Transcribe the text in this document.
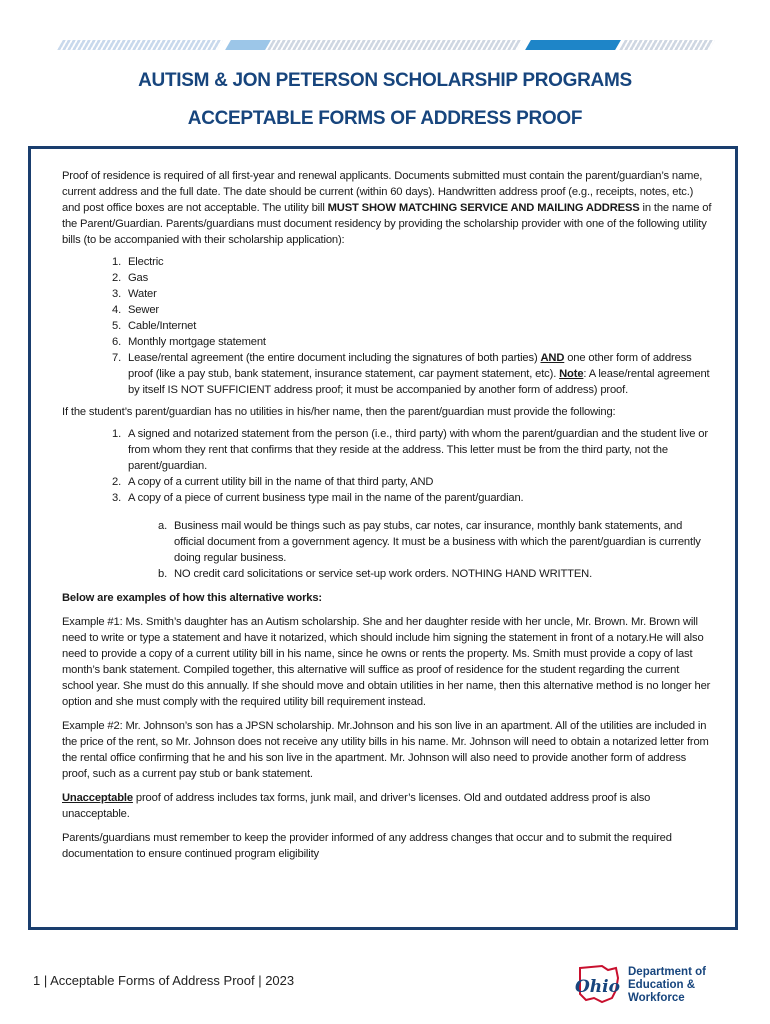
AUTISM & JON PETERSON SCHOLARSHIP PROGRAMS
ACCEPTABLE FORMS OF ADDRESS PROOF

Proof of residence is required of all first-year and renewal applicants. Documents submitted must contain the parent/guardian’s name, current address and the full date. The date should be current (within 60 days). Handwritten address proof (e.g., receipts, notes, etc.) and post office boxes are not acceptable. The utility bill MUST SHOW MATCHING SERVICE AND MAILING ADDRESS in the name of the Parent/Guardian. Parents/guardians must document residency by providing the scholarship provider with one of the following utility bills (to be accompanied with their scholarship application):

1. Electric
2. Gas
3. Water
4. Sewer
5. Cable/Internet
6. Monthly mortgage statement
7. Lease/rental agreement (the entire document including the signatures of both parties) AND one other form of address proof (like a pay stub, bank statement, insurance statement, car payment statement, etc). Note: A lease/rental agreement by itself IS NOT SUFFICIENT address proof; it must be accompanied by another form of address) proof.

If the student’s parent/guardian has no utilities in his/her name, then the parent/guardian must provide the following:

1. A signed and notarized statement from the person (i.e., third party) with whom the parent/guardian and the student live or from whom they rent that confirms that they reside at the address. This letter must be from the third party, not the parent/guardian.
2. A copy of a current utility bill in the name of that third party, AND
3. A copy of a piece of current business type mail in the name of the parent/guardian.
a. Business mail would be things such as pay stubs, car notes, car insurance, monthly bank statements, and official document from a government agency. It must be a business with which the parent/guardian is currently doing regular business.
b. NO credit card solicitations or service set-up work orders. NOTHING HAND WRITTEN.

Below are examples of how this alternative works:

Example #1: Ms. Smith’s daughter has an Autism scholarship. She and her daughter reside with her uncle, Mr. Brown. Mr. Brown will need to write or type a statement and have it notarized, which should include him signing the statement in front of a notary.He will also need to provide a copy of a current utility bill in his name, since he owns or rents the property. Ms. Smith must provide a copy of last month’s bank statement. Compiled together, this alternative will suffice as proof of residence for the student regarding the current school year. She must do this annually. If she should move and obtain utilities in her name, then this alternative method is no longer her option and she must comply with the required utility bill requirement instead.

Example #2: Mr. Johnson’s son has a JPSN scholarship. Mr.Johnson and his son live in an apartment. All of the utilities are included in the price of the rent, so Mr. Johnson does not receive any utility bills in his name. Mr. Johnson will need to obtain a notarized letter from the rental office confirming that he and his son live in the apartment. Mr. Johnson will also need to provide another form of address proof, such as a current pay stub or bank statement.

Unacceptable proof of address includes tax forms, junk mail, and driver’s licenses. Old and outdated address proof is also unacceptable.

Parents/guardians must remember to keep the provider informed of any address changes that occur and to submit the required documentation to ensure continued program eligibility

1 | Acceptable Forms of Address Proof | 2023	Ohio
Department of
Education &
Workforce
